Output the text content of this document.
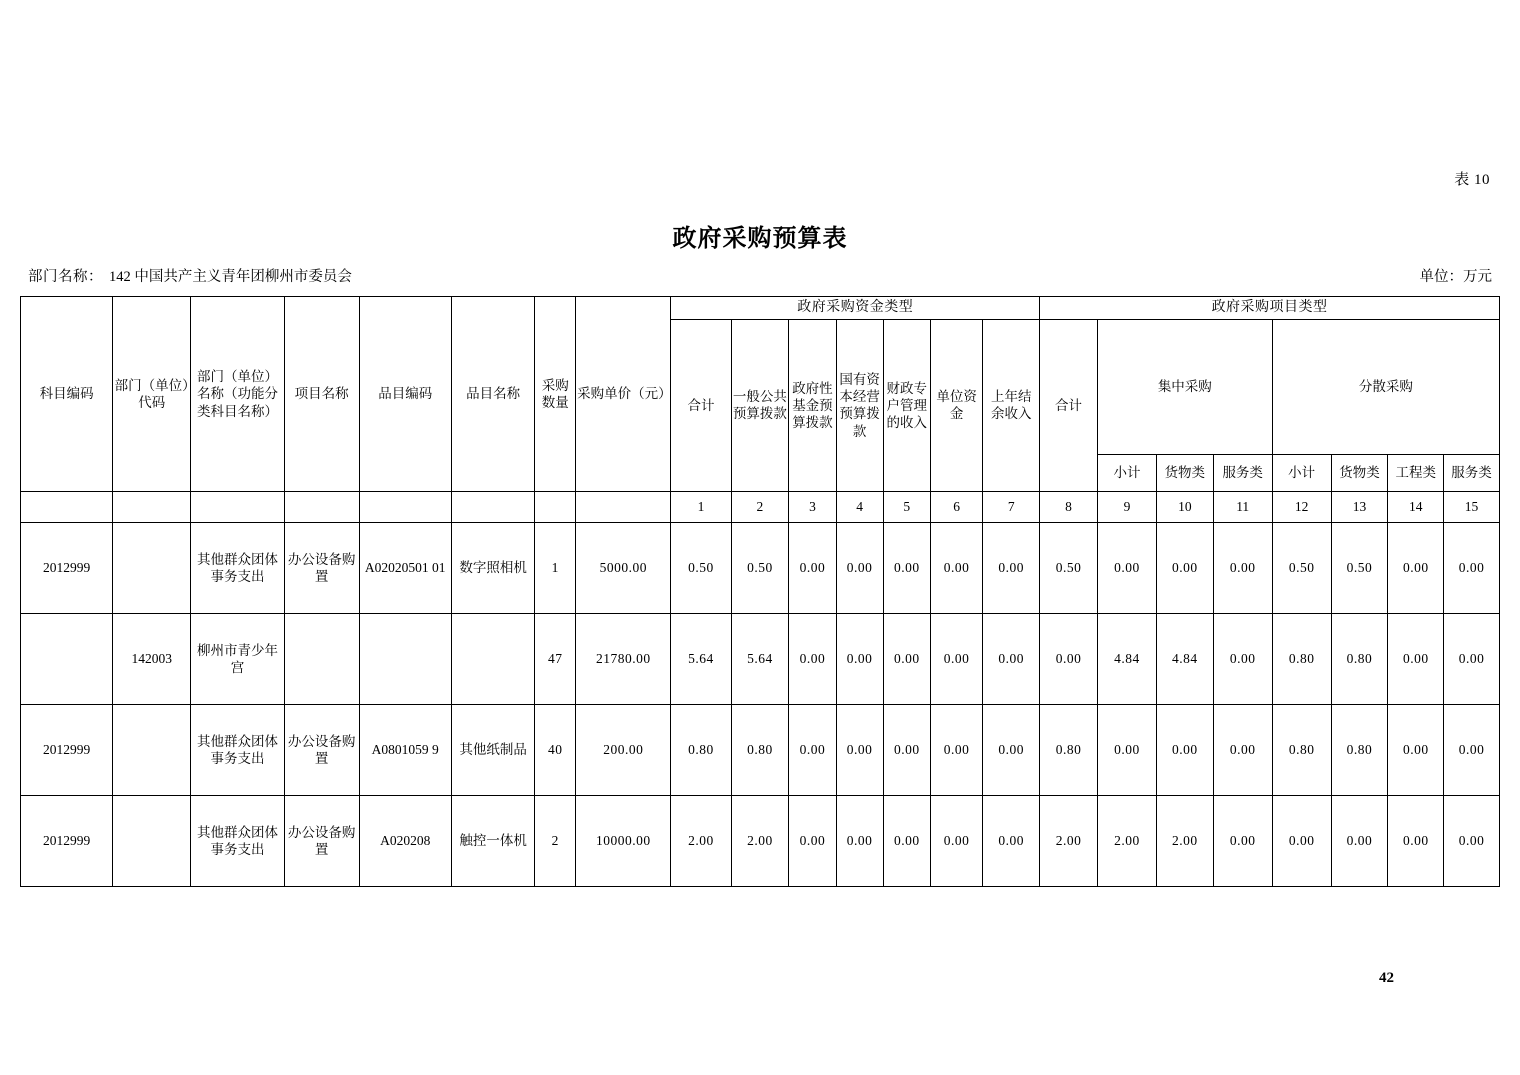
表 10
政府采购预算表
部门名称： 142 中国共产主义青年团柳州市委员会	单位：万元
科目编码	部门（单位）代码	部门（单位）名称（功能分类科目名称）	项目名称	品目编码	品目名称	采购数量	采购单价（元）	政府采购资金类型							政府采购项目类型							
								合计	一般公共预算拨款	政府性基金预算拨款	国有资本经营预算拨款	财政专户管理的收入	单位资金	上年结余收入	合计	集中采购			分散采购			
																小计	货物类	服务类	小计	货物类	工程类	服务类
								1	2	3	4	5	6	7	8	9	10	11	12	13	14	15
2012999		其他群众团体事务支出	办公设备购置	A02020501 01	数字照相机	1	5000.00	0.50	0.50	0.00	0.00	0.00	0.00	0.00	0.50	0.00	0.00	0.00	0.50	0.50	0.00	0.00
	142003	柳州市青少年宫				47	21780.00	5.64	5.64	0.00	0.00	0.00	0.00	0.00	0.00	4.84	4.84	0.00	0.80	0.80	0.00	0.00
2012999		其他群众团体事务支出	办公设备购置	A0801059 9	其他纸制品	40	200.00	0.80	0.80	0.00	0.00	0.00	0.00	0.00	0.80	0.00	0.00	0.00	0.80	0.80	0.00	0.00
2012999		其他群众团体事务支出	办公设备购置	A020208	触控一体机	2	10000.00	2.00	2.00	0.00	0.00	0.00	0.00	0.00	2.00	2.00	2.00	0.00	0.00	0.00	0.00	0.00
42
